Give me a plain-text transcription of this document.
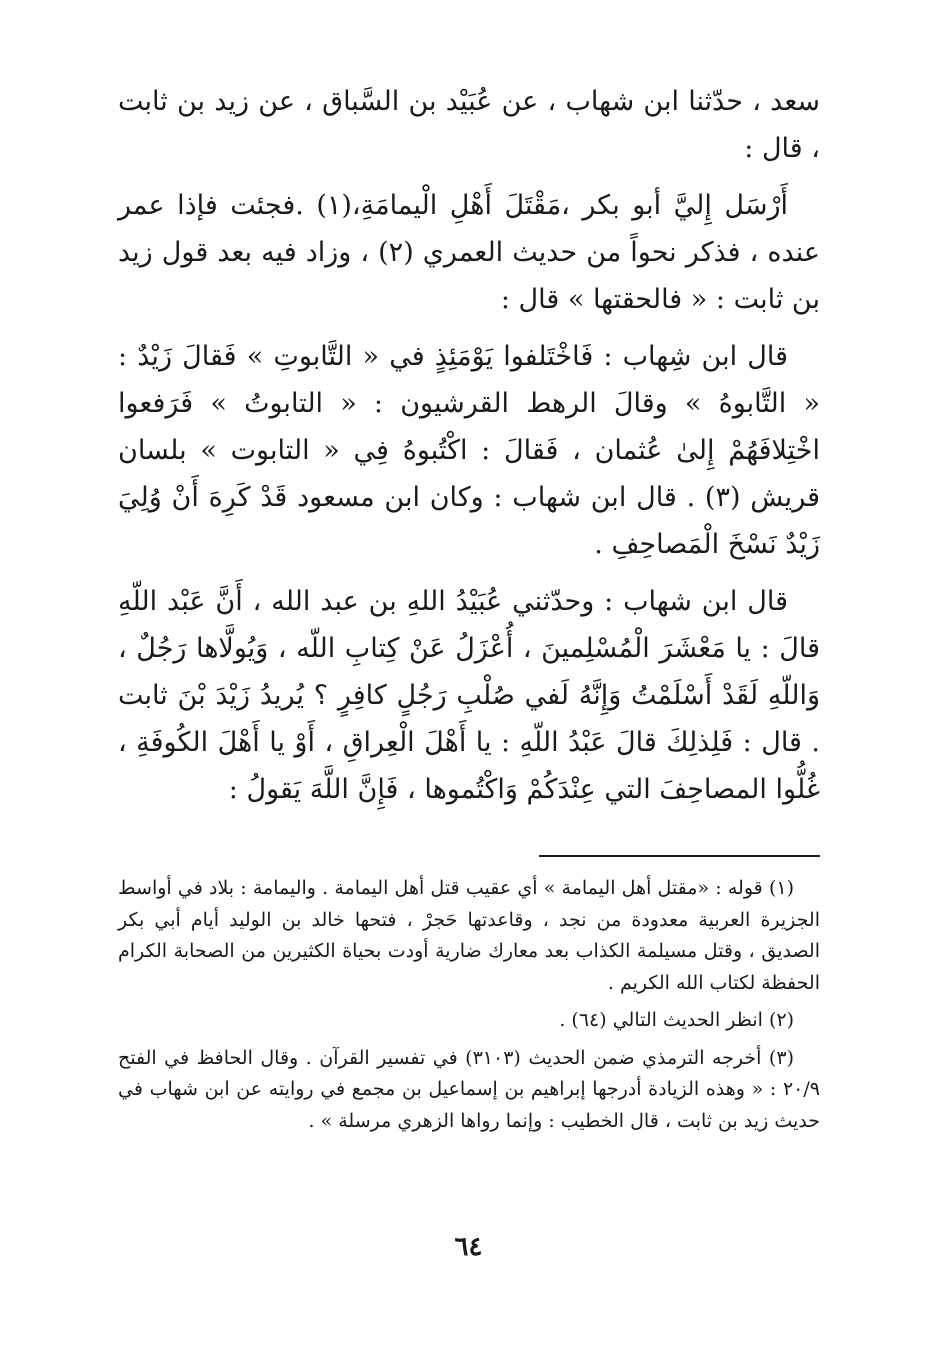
سعد ، حدّثنا ابن شهاب ، عن عُبَيْد بن السَّباق ، عن زيد بن ثابت ، قال :

أَرْسَل إِليَّ أبو بكر ،مَقْتَلَ أَهْلِ الْيمامَةِ،(١) .فجئت فإذا عمر عنده ، فذكر نحواً من حديث العمري (٢) ، وزاد فيه بعد قول زيد بن ثابت : « فالحقتها » قال :

قال ابن شِهاب : فَاخْتَلفوا يَوْمَئِذٍ في « التَّابوتِ » فَقالَ زَيْدٌ : « التَّابوهُ » وقالَ الرهط القرشيون : « التابوتُ » فَرَفعوا اخْتِلافَهُمْ إِلىٰ عُثمان ، فَقالَ : اكْتُبوهُ فِي « التابوت » بلسان قريش (٣) . قال ابن شهاب : وكان ابن مسعود قَدْ كَرِهَ أَنْ وُلِيَ زَيْدٌ نَسْخَ الْمَصاحِفِ .

قال ابن شهاب : وحدّثني عُبَيْدُ اللهِ بن عبد الله ، أَنَّ عَبْد اللّهِ قالَ : يا مَعْشَرَ الْمُسْلِمينَ ، أُعْزَلُ عَنْ كِتابِ اللّه ، وَيُولَّاها رَجُلٌ ، وَاللّهِ لَقَدْ أَسْلَمْتُ وَإِنَّهُ لَفي صُلْبِ رَجُلٍ كافِرٍ ؟ يُريدُ زَيْدَ بْنَ ثابت . قال : فَلِذلِكَ قالَ عَبْدُ اللّهِ : يا أَهْلَ الْعِراقِ ، أَوْ يا أَهْلَ الكُوفَةِ ، غُلُّوا المصاحِفَ التي عِنْدَكُمْ وَاكْتُموها ، فَإِنَّ اللَّهَ يَقولُ :

(١) قوله : «مقتل أهل اليمامة » أي عقيب قتل أهل اليمامة . واليمامة : بلاد في أواسط الجزيرة العربية معدودة من نجد ، وقاعدتها حَجرْ ، فتحها خالد بن الوليد أيام أبي بكر الصديق ، وقتل مسيلمة الكذاب بعد معارك ضارية أودت بحياة الكثيرين من الصحابة الكرام الحفظة لكتاب الله الكريم .

(٢) انظر الحديث التالي (٦٤) .

(٣) أخرجه الترمذي ضمن الحديث (٣١٠٣) في تفسير القرآن . وقال الحافظ في الفتح ٢٠/٩ : « وهذه الزيادة أدرجها إبراهيم بن إسماعيل بن مجمع في روايته عن ابن شهاب في حديث زيد بن ثابت ، قال الخطيب : وإنما رواها الزهري مرسلة » .

٦٤
